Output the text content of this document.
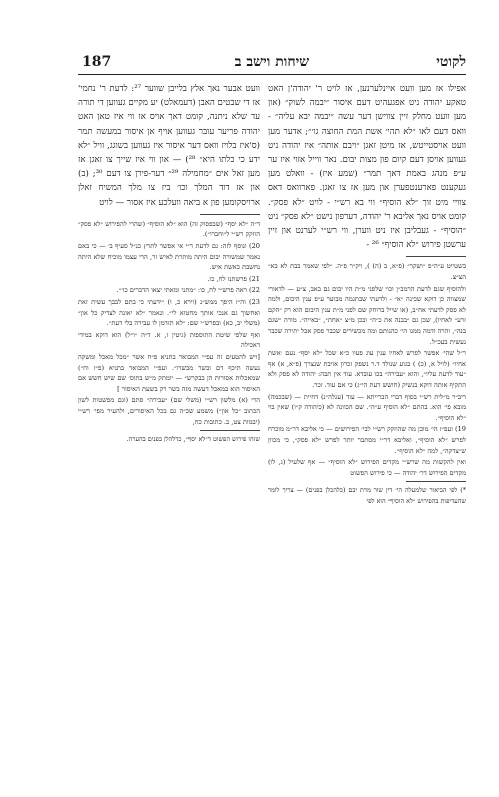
187	שיחות וישב ב	לקוטי

אפילו אז מען וועט איינלערנען, אז לויט ר' יהודה'ן האט טאקע יהודה ניט אפגעהיט דעם איסור ״יבמה לשוק״ (און מען וועט מחלק זיין צווישן דער עשה ״יבמה יבא עליה״ - וואס דעם לאו ״לא תהי׳ אשת המת החוצה גו׳״; אדער מען וועט אויסטייטש, אז מיטן זאגן ״ויבם אותה״ איז יהודה ניט געווען אויסן דעם קיום פון מצות יבום. נאר ווייל אזוי איז ער ע״פ מנהג באמת דאך תמר״ (שמע איז) - וואלט מען געקענט פארענטפערן און מען אז צו זאגן. פארוואס דאס צוויי מיט זוך ״לא הוסיף״ ווי בא רש״י - לויט ״לא פסק״. קומט אויס נאך אליבא ר' יהודה, דערפון נישט ״לא פסק״ ניט ״הוסיף״ - געבליבן איז ניט ווערן, ווי רש״י לערנט און זיין ערשטן פירוש ״לא הוסיף״ ²⁶ -

בשטייט ע״ה״פ ״ושקר״ (פ״א, ב (ה) ), ויק״ר פ״ה. ״לפי שאמר בבת לא בא״ הצ״צ.

ולהוסיף שגם לדעת הרמב״ן וכוי שלפני מ״ת היו יבום גם באב, צ״ע — לדאורי שמצווה כן דוקא שכינה ״א״ - ולדעתי שבתגמה מבוער ע״פ ענין היבום, ולמה לא פסק לדעתי אח״ב, (או שייל ברוחק שם לפני מ״ת ענין היבום הוא רק ״הקם זרע״ לאחיו), שכן גם ״בבנה את כ״ה״ ובכן מ״צ ״אחת״, ״באייה״. מורה ״שגם בנה״, והרה ודמה ממנו הי׳ כהנותם ומה מכשירים שכבר פסק אבל יתירה שכבר נעשית בעכ״ל.

ר״ל שהי׳ אפשר לפרש לאחיו ענין עוג פעיו כ״א שכל ״לא יסף״ נעם ׳אשת אחיו״ (לויל א, (כ) ) בגוע שנולד ד.ר נשפק זכרון אויבת שנצרך (פ״א, א) אף ״עוד לדעת עליו״, והוא ״עבירה״ בכו עובדא. עוד אין תבה: יהודה לא פסק ולא התקיף אותה דוקא בנשיק (חושש דעת הי״ג) כי אם עוד. זכר.

ריב״ר מ״לית רש״י בסוף דברי הברייתא — עוד (עגלה״נ) דחיית — (שבכמה) מובא פי׳ הוא. בהתם ״לא הוסיף ע״ה״. שם הכוונה לא (כיהודה ק״ו) שאין בוי ״לא הוסיף״.

19) ועפ״ז הי׳ מובן מה שהוזקק רש״י לבי׳ הפירושים — כי אליבא דר״מ מוכרח לפרש ״לא הוסיף״, ואליבא דר״י מסתבר יותר לפרש ״לא פסק״, כי מכוון ש״צדקה״, למה ״לא הוסיף״.

ואין להקשות מה שרש״י מקדים הפירוש ״לא הוסיף״ — אף שלעיל (ג, לו) מקדים הפירוש דר׳ יהודה — כי פירוש הפשוט

*) לפי הביאור שלמעלה הי׳ דין שור מרת יבם (כלהכלן בפנים) — צריך לומר שהעדיפות בהפירוש ״לא הוסיף״ הוא לפי

וועט אבער נאך אלץ בלייבן שווער ²⁷: לדעת ר' נחמי' אז די שבטים האבן (דעמאלט) יע מקיים געווען די תורה עד שלא ניתנה, קומט דאך אויס אז ווי איז טאן האט יהודה פריער עובר געווען אויף אן איסור במעשה תמר (ס'איז בלויז וואס דער איסור איז געווען בשוגג, וויל ״לא ידע כי כלתו היא״ ²⁸) — און ווי איז שייך צו זאגן אז מען זאל אים ״מחמילה ²⁹״ דער-פירן צו דעם ³⁰; (ב) און אז דוד המלך וכו׳ ביז צו מלך המשיח זאלן ארויסקומען פון א ביאה וועלכע איז אסור — לויט

ד״ה ״לא יסף״ (שבפסוק זה) הוא ״לא הוסיף״ (שהרי להפירוש ״לא פסק״ הוזקק רש״י ל״וחברו״).

20) ונוסף לזה: גם לדעת ר״י אי אפשר לתרץ כנ״ל סעיף ב׳ — כי באם נאמר שמשורה יבום היתה מותרת לאיש זר, הרי עצמו מוכיח שלא היתה נחשבת כאשת איש.

21) פרשתנו לח, כו.

22) ראה פרש״י לח, כו: ״מתני ומאתי יצאו הדברים כו׳״.

23) וה״ז היפך ממש״נ (וירא כ, ו) ״ידעתי כי בתם לבבך עשית זאת ואחשוך גם אנכי אותך מחטוא לי״. ונאמר ״לא יאונה לצדיק כל און״ (משלי יב, כא) ובפרש״י שם: ״לא תזדמן לו עבירה בלי דעת״.

ואף שלפי שיטת התוספות (גיטין ז, א. ד״ה ״ו״ל) הוא דוקא במידי דאכילה

[ויש להטעים זה עפ״י המבואר בתניא פ״ח אשר ״מכל מאכל ומשקה נעשה תיכף דם ובשר מבשרו״. ועפ״י המבואר בתניא (פ״ז וח״) שמאכלות אסורות הן בבקרש״ — יומתק מ״ש בתוס׳ שם שיש חשש אם האיסור הוא במאכל דעשה מזה בשר רק בשעת האיסור ]

הרי (א) מלשון רש״י (משלי שם) ״עבירה״ סתם (וגם מפשטות לשון הכתוב ״כל און״) משמע שכ״ה גם בכל האיסורים, ולהעיר מפי׳ רש״י (יבמות צט, ב. כתובות כח,

שזהו פירוש הפשוט ד״לא יסף״, כדלהלן בפנים בהערה.
